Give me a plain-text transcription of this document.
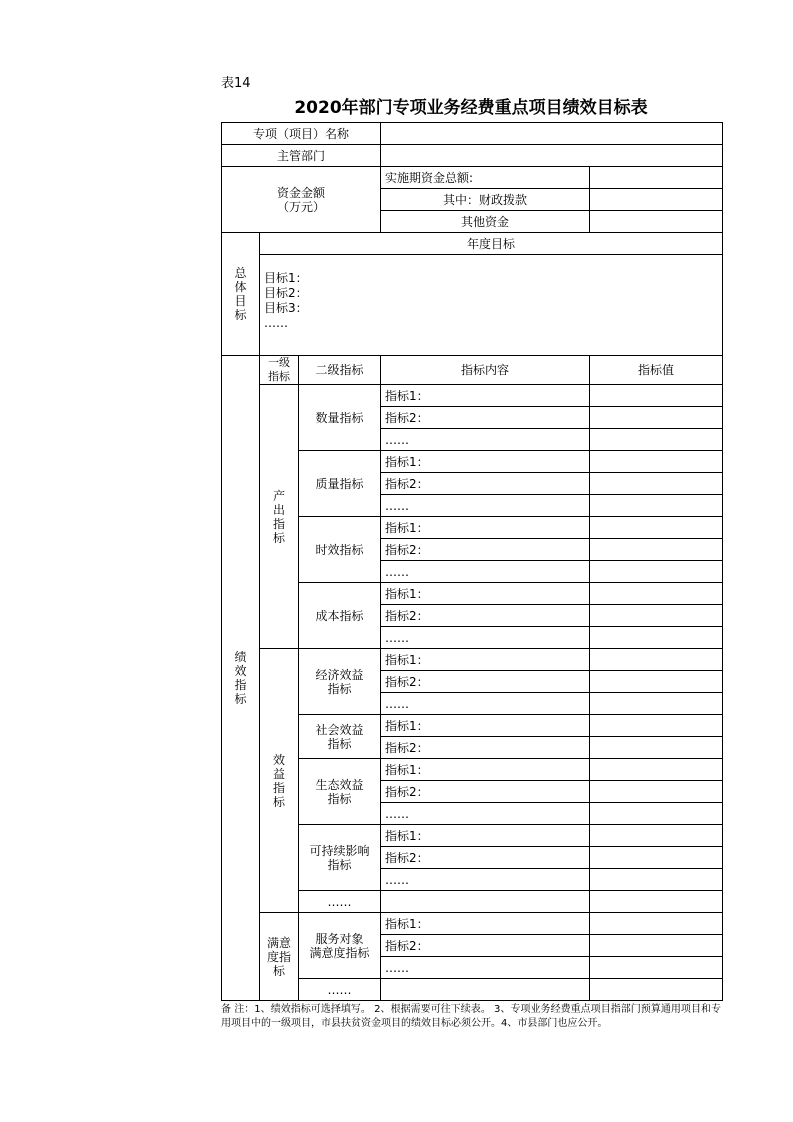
表14
2020年部门专项业务经费重点项目绩效目标表
专项（项目）名称				
主管部门				
资金金额
（万元）			实施期资金总额:	
			其中：财政拨款	
			其他资金	

总
体
目
标	年度目标			
	目标1：
目标2：
目标3：
……			

绩
效
指
标	一级
指标	二级指标	指标内容	指标值

	产
出
指
标	数量指标	指标1：	
			指标2：	
			……	
		质量指标	指标1：	
			指标2：	
			……	
		时效指标	指标1：	
			指标2：	
			……	
		成本指标	指标1：	
			指标2：	
			……	

	效
益
指
标	经济效益
指标	指标1：	
			指标2：	
			……	
		社会效益
指标	指标1：	
			指标2：	
		生态效益
指标	指标1：	
			指标2：	
			……	
		可持续影响
指标	指标1：	
			指标2：	
			……	
		……		

	满意
度指
标	服务对象
满意度指标	指标1：	
			指标2：	
			……	
		……		
备 注：1、绩效指标可选择填写。 2、根据需要可往下续表。 3、专项业务经费重点项目指部门预算通用项目和专用项目中的一级项目，市县扶贫资金项目的绩效目标必须公开。4、市县部门也应公开。
